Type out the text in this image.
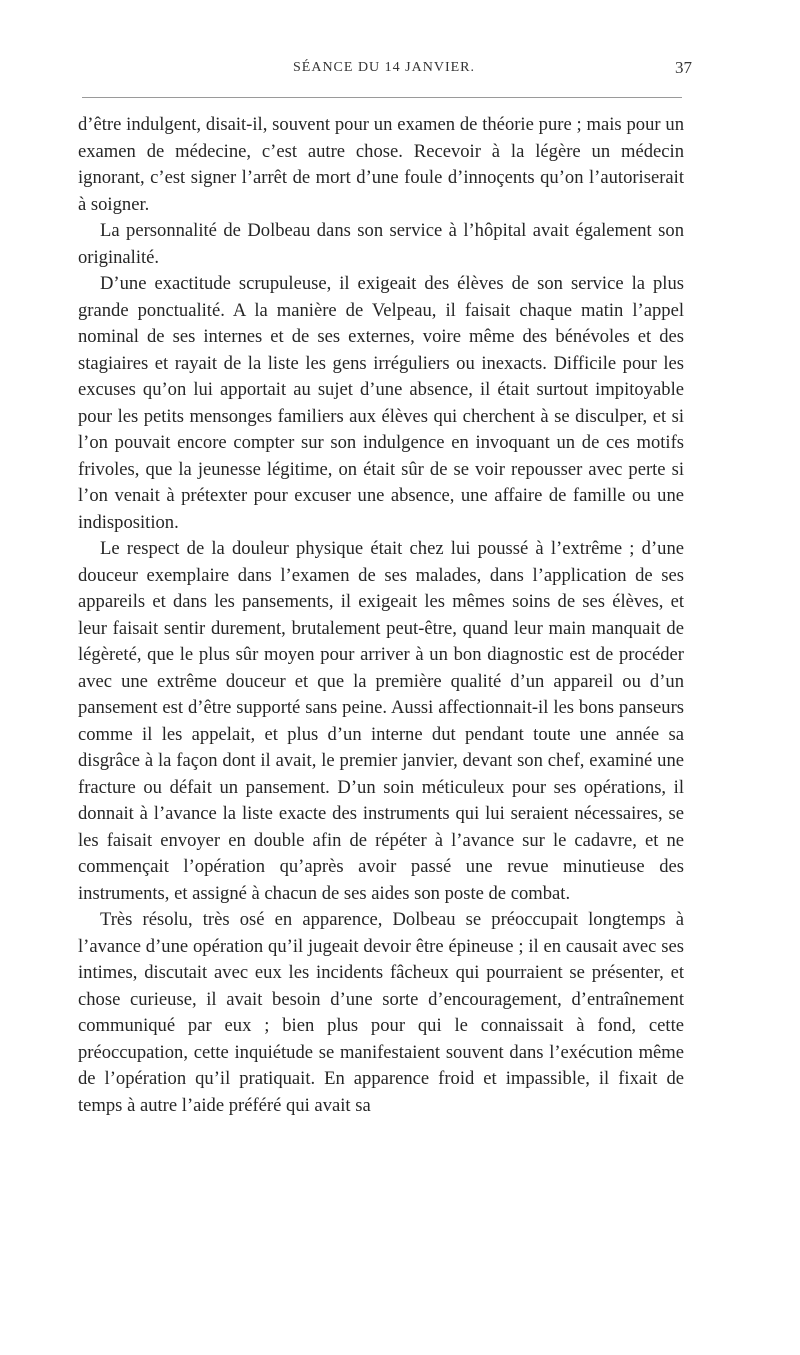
SÉANCE DU 14 JANVIER.	37

d’être indulgent, disait-il, souvent pour un examen de théorie pure ; mais pour un examen de médecine, c’est autre chose. Recevoir à la légère un médecin ignorant, c’est signer l’arrêt de mort d’une foule d’innoçents qu’on l’autoriserait à soigner.

La personnalité de Dolbeau dans son service à l’hôpital avait également son originalité.

D’une exactitude scrupuleuse, il exigeait des élèves de son service la plus grande ponctualité. A la manière de Velpeau, il faisait chaque matin l’appel nominal de ses internes et de ses externes, voire même des bénévoles et des stagiaires et rayait de la liste les gens irréguliers ou inexacts. Difficile pour les excuses qu’on lui apportait au sujet d’une absence, il était surtout impitoyable pour les petits mensonges familiers aux élèves qui cherchent à se disculper, et si l’on pouvait encore compter sur son indulgence en invoquant un de ces motifs frivoles, que la jeunesse légitime, on était sûr de se voir repousser avec perte si l’on venait à prétexter pour excuser une absence, une affaire de famille ou une indisposition.

Le respect de la douleur physique était chez lui poussé à l’extrême ; d’une douceur exemplaire dans l’examen de ses malades, dans l’application de ses appareils et dans les pansements, il exigeait les mêmes soins de ses élèves, et leur faisait sentir durement, brutalement peut-être, quand leur main manquait de légèreté, que le plus sûr moyen pour arriver à un bon diagnostic est de procéder avec une extrême douceur et que la première qualité d’un appareil ou d’un pansement est d’être supporté sans peine. Aussi affectionnait-il les bons panseurs comme il les appelait, et plus d’un interne dut pendant toute une année sa disgrâce à la façon dont il avait, le premier janvier, devant son chef, examiné une fracture ou défait un pansement. D’un soin méticuleux pour ses opérations, il donnait à l’avance la liste exacte des instruments qui lui seraient nécessaires, se les faisait envoyer en double afin de répéter à l’avance sur le cadavre, et ne commençait l’opération qu’après avoir passé une revue minutieuse des instruments, et assigné à chacun de ses aides son poste de combat.

Très résolu, très osé en apparence, Dolbeau se préoccupait longtemps à l’avance d’une opération qu’il jugeait devoir être épineuse ; il en causait avec ses intimes, discutait avec eux les incidents fâcheux qui pourraient se présenter, et chose curieuse, il avait besoin d’une sorte d’encouragement, d’entraînement communiqué par eux ; bien plus pour qui le connaissait à fond, cette préoccupation, cette inquiétude se manifestaient souvent dans l’exécution même de l’opération qu’il pratiquait. En apparence froid et impassible, il fixait de temps à autre l’aide préféré qui avait sa
